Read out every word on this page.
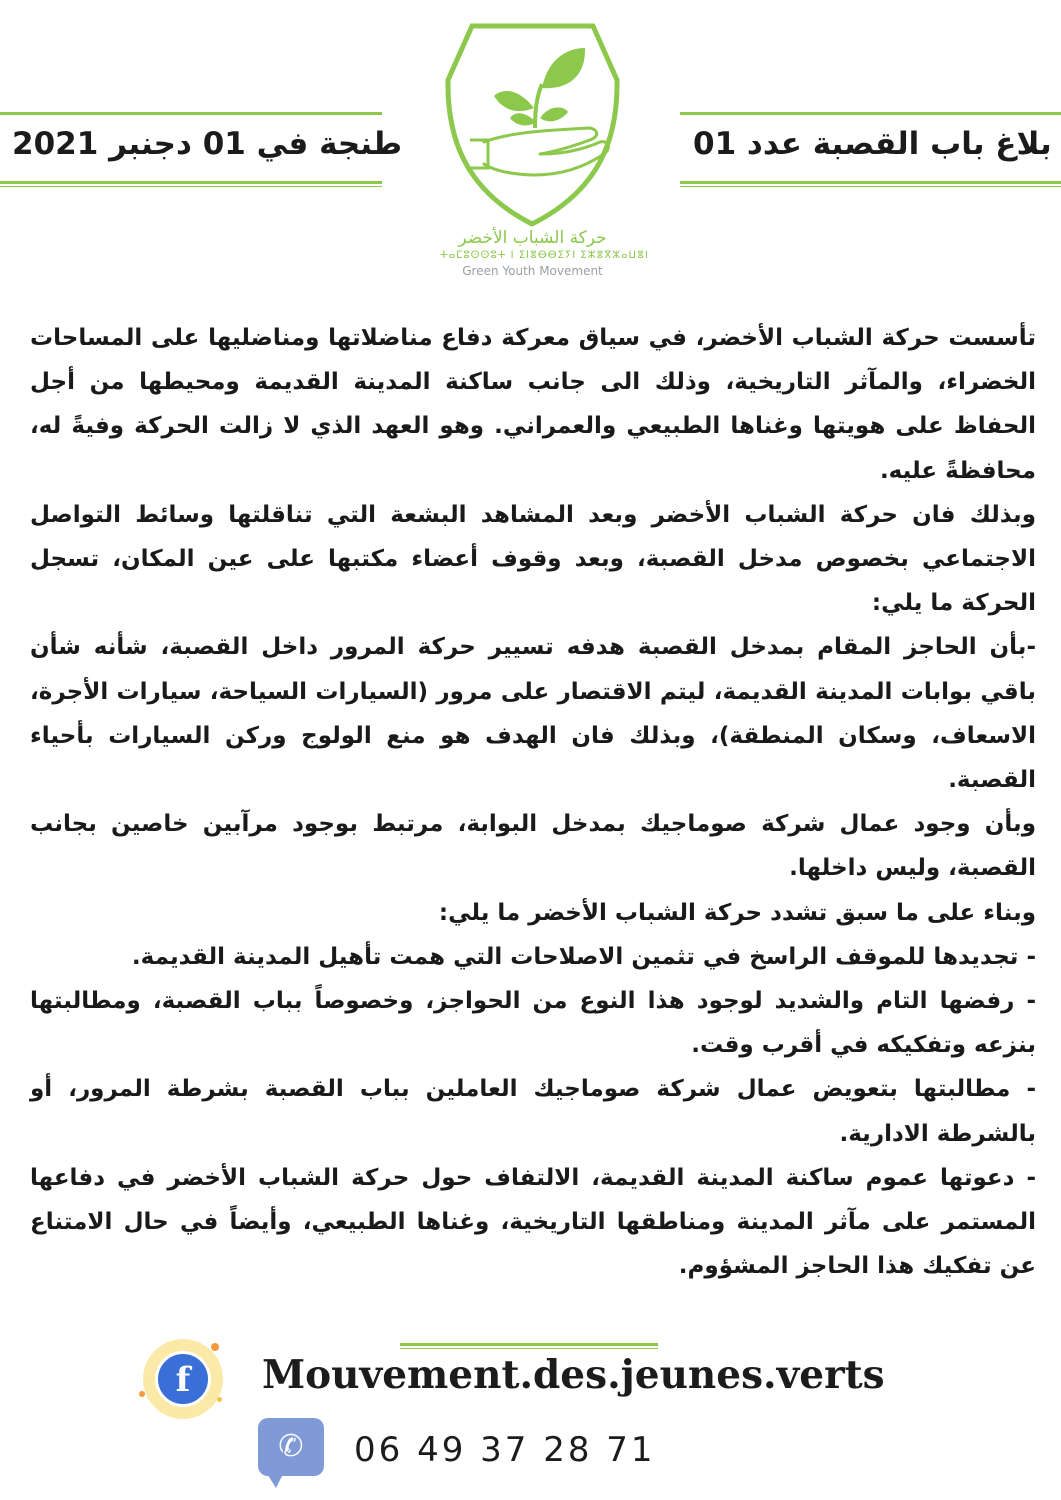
طنجة في 01 دجنبر 2021	بلاغ باب القصبة عدد 01
حركة الشباب الأخضر
ⵜⴰⵎⵓⵙⵙⵓⵜ ⵏ ⵉⵏⴻⴱⴱⵉⵢⵏ ⵉⵣⴻⴳⵣⴰⵡⴻⵏ
Green Youth Movement

تأسست حركة الشباب الأخضر، في سياق معركة دفاع مناضلاتها ومناضليها على المساحات الخضراء، والمآثر التاريخية، وذلك الى جانب ساكنة المدينة القديمة ومحيطها من أجل الحفاظ على هويتها وغناها الطبيعي والعمراني. وهو العهد الذي لا زالت الحركة وفيةً له، محافظةً عليه.

وبذلك فان حركة الشباب الأخضر وبعد المشاهد البشعة التي تناقلتها وسائط التواصل الاجتماعي بخصوص مدخل القصبة، وبعد وقوف أعضاء مكتبها على عين المكان، تسجل الحركة ما يلي:

-بأن الحاجز المقام بمدخل القصبة هدفه تسيير حركة المرور داخل القصبة، شأنه شأن باقي بوابات المدينة القديمة، ليتم الاقتصار على مرور (السيارات السياحة، سيارات الأجرة، الاسعاف، وسكان المنطقة)، وبذلك فان الهدف هو منع الولوج وركن السيارات بأحياء القصبة.

وبأن وجود عمال شركة صوماجيك بمدخل البوابة، مرتبط بوجود مرآبين خاصين بجانب القصبة، وليس داخلها.

وبناء على ما سبق تشدد حركة الشباب الأخضر ما يلي:

- تجديدها للموقف الراسخ في تثمين الاصلاحات التي همت تأهيل المدينة القديمة.

- رفضها التام والشديد لوجود هذا النوع من الحواجز، وخصوصاً بباب القصبة، ومطالبتها بنزعه وتفكيكه في أقرب وقت.

- مطالبتها بتعويض عمال شركة صوماجيك العاملين بباب القصبة بشرطة المرور، أو بالشرطة الادارية.

- دعوتها عموم ساكنة المدينة القديمة، الالتفاف حول حركة الشباب الأخضر في دفاعها المستمر على مآثر المدينة ومناطقها التاريخية، وغناها الطبيعي، وأيضاً في حال الامتناع عن تفكيك هذا الحاجز المشؤوم.

f	Mouvement.des.jeunes.verts
✆	06 49 37 28 71
